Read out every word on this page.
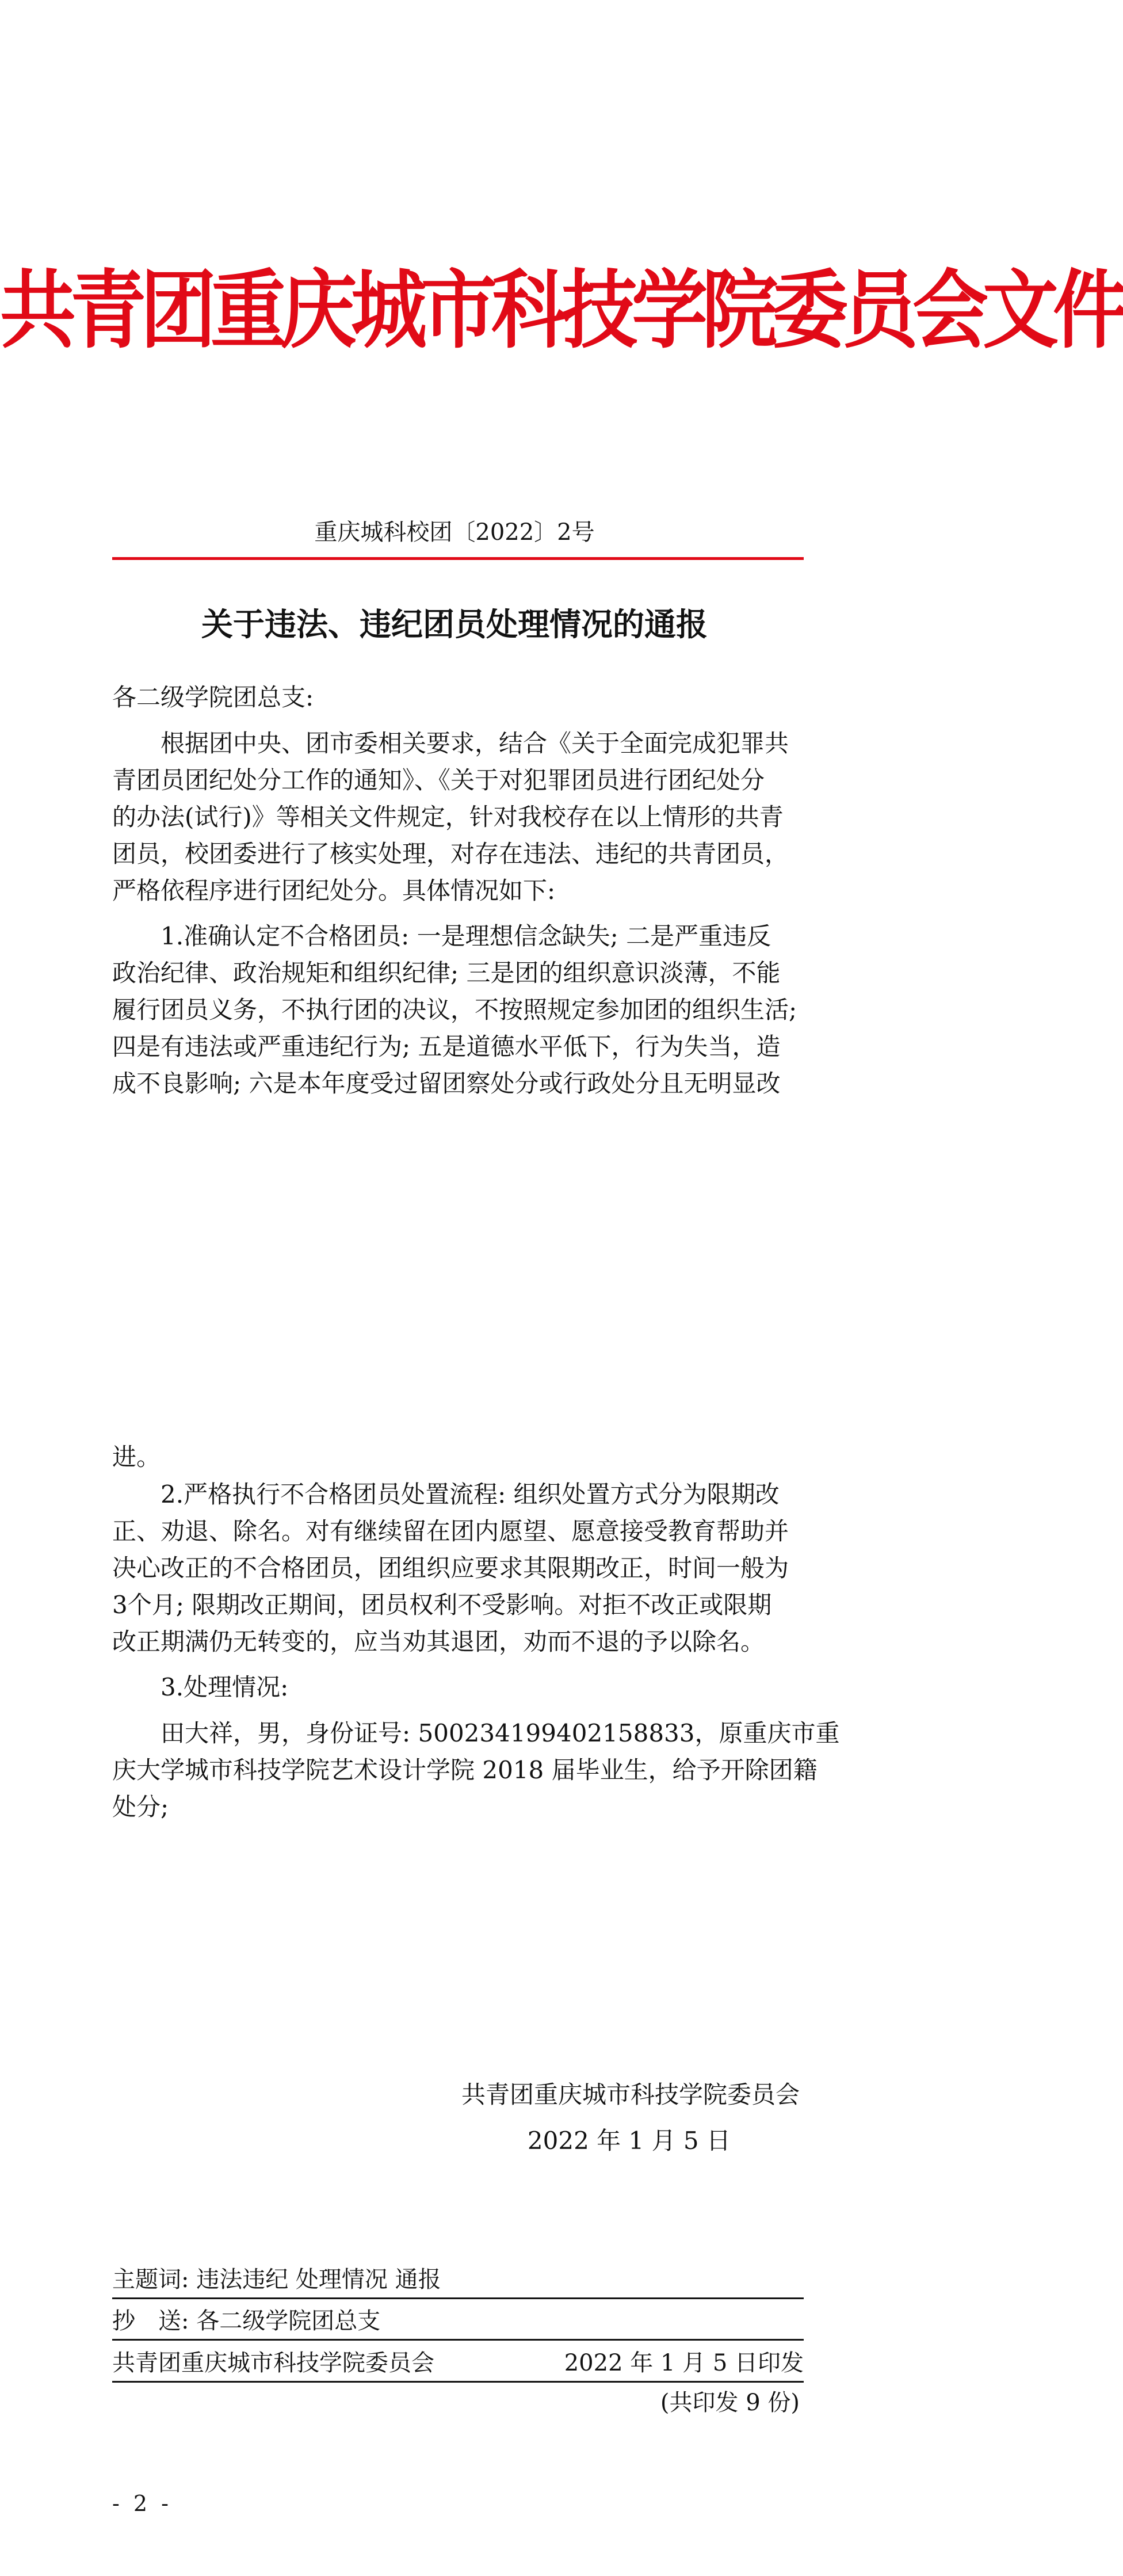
共青团重庆城市科技学院委员会文件
重庆城科校团〔2022〕2号
关于违法、违纪团员处理情况的通报
各二级学院团总支:
根据团中央、团市委相关要求，结合《关于全面完成犯罪共
青团员团纪处分工作的通知》、《关于对犯罪团员进行团纪处分
的办法(试行)》等相关文件规定，针对我校存在以上情形的共青
团员，校团委进行了核实处理，对存在违法、违纪的共青团员，
严格依程序进行团纪处分。具体情况如下:
1.准确认定不合格团员: 一是理想信念缺失; 二是严重违反
政治纪律、政治规矩和组织纪律; 三是团的组织意识淡薄，不能
履行团员义务，不执行团的决议，不按照规定参加团的组织生活;
四是有违法或严重违纪行为; 五是道德水平低下，行为失当，造
成不良影响; 六是本年度受过留团察处分或行政处分且无明显改
进。
2.严格执行不合格团员处置流程: 组织处置方式分为限期改
正、劝退、除名。对有继续留在团内愿望、愿意接受教育帮助并
决心改正的不合格团员，团组织应要求其限期改正，时间一般为
3个月; 限期改正期间，团员权利不受影响。对拒不改正或限期
改正期满仍无转变的，应当劝其退团，劝而不退的予以除名。
3.处理情况:
田大祥，男，身份证号: 500234199402158833，原重庆市重
庆大学城市科技学院艺术设计学院 2018 届毕业生，给予开除团籍
处分;
共青团重庆城市科技学院委员会
2022 年 1 月 5 日
主题词: 违法违纪 处理情况 通报
抄　送: 各二级学院团总支
共青团重庆城市科技学院委员会	2022 年 1 月 5 日印发
(共印发 9 份)
- 2 -
